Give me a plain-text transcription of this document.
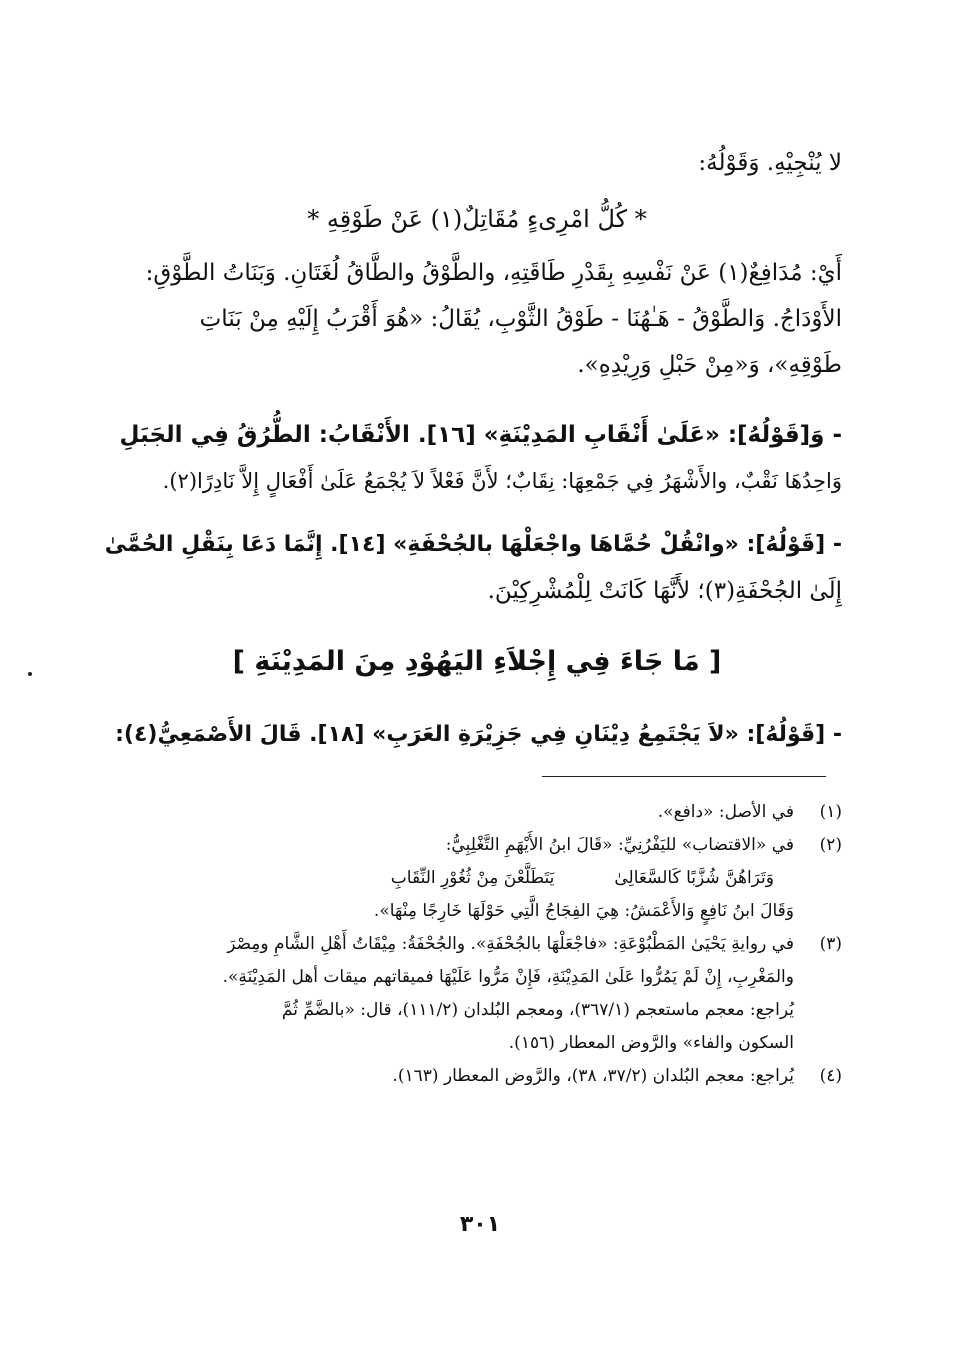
لا يُنْجِيْهِ. وَقَوْلُهُ:
* كُلُّ امْرِىءٍ مُقَاتِلٌ(١) عَنْ طَوْقِهِ *
أَيْ: مُدَافِعٌ(١) عَنْ نَفْسِهِ بِقَدْرِ طَاقَتِهِ، والطَّوْقُ والطَّاقُ لُغَتَانِ. وَبَنَاتُ الطَّوْقِ:
الأَوْدَاجُ. وَالطَّوْقُ - هَـٰهُنَا - طَوْقُ الثَّوْبِ، يُقَالُ: «هُوَ أَقْرَبُ إِلَيْهِ مِنْ بَنَاتِ
طَوْقِهِ»، وَ«مِنْ حَبْلِ وَرِيْدِهِ».
- وَ[قَوْلُهُ]: «عَلَىٰ أَنْقَابِ المَدِيْنَةِ» [١٦]. الأَنْقَابُ: الطُّرُقُ فِي الجَبَلِ
وَاحِدُهَا نَقْبٌ، والأَشْهَرُ فِي جَمْعِهَا: نِقَابٌ؛ لأَنَّ فَعْلاً لاَ يُجْمَعُ عَلَىٰ أَفْعَالٍ إِلاَّ نَادِرًا(٢).
- [قَوْلُهُ]: «وانْقُلْ حُمَّاهَا واجْعَلْهَا بالجُحْفَةِ» [١٤]. إِنَّمَا دَعَا بِنَقْلِ الحُمَّىٰ
إِلَىٰ الجُحْفَةِ(٣)؛ لأَنَّهَا كَانَتْ لِلْمُشْرِكِيْنَ.
[ مَا جَاءَ فِي إِجْلاَءِ اليَهُوْدِ مِنَ المَدِيْنَةِ ]
- [قَوْلُهُ]: «لاَ يَجْتَمِعُ دِيْنَانِ فِي جَزِيْرَةِ العَرَبِ» [١٨]. قَالَ الأَصْمَعِيُّ(٤):
(١)
في الأصل: «دافع».
(٢)
في «الاقتضاب» لليَفْرُنِيِّ: «قَالَ ابنُ الأَيْهَمِ التَّغْلِبِيُّ:
وَتَرَاهُنَّ شُزَّبًا كَالسَّعَالِىٰ
يَتَطَلَّعْنَ مِنْ ثُغُوْرِ النِّقَابِ
وَقَالَ ابنُ نَافِعٍ وَالأَعْمَشُ: هِيَ الفِجَاجُ الَّتِي حَوْلَهَا خَارِجًا مِنْهَا».
(٣)
في روايةِ يَحْيَىٰ المَطْبُوْعَةِ: «فاجْعَلْهَا بالجُحْفَةِ». والجُحْفَةُ: مِيْقَاتُ أَهْلِ الشَّامِ ومِصْرَ
والمَغْرِبِ، إِنْ لَمْ يَمُرُّوا عَلَىٰ المَدِيْنَةِ، فَإِنْ مَرُّوا عَلَيْهَا فميقاتهم ميقات أهل المَدِيْنَةِ».
يُراجع: معجم ماستعجم (٣٦٧/١)، ومعجم البُلدان (١١١/٢)، قال: «بالضَّمِّ ثُمَّ
السكون والفاء» والرَّوض المعطار (١٥٦).
(٤)
يُراجع: معجم البُلدان (٣٧/٢، ٣٨)، والرَّوض المعطار (١٦٣).
٣٠١
